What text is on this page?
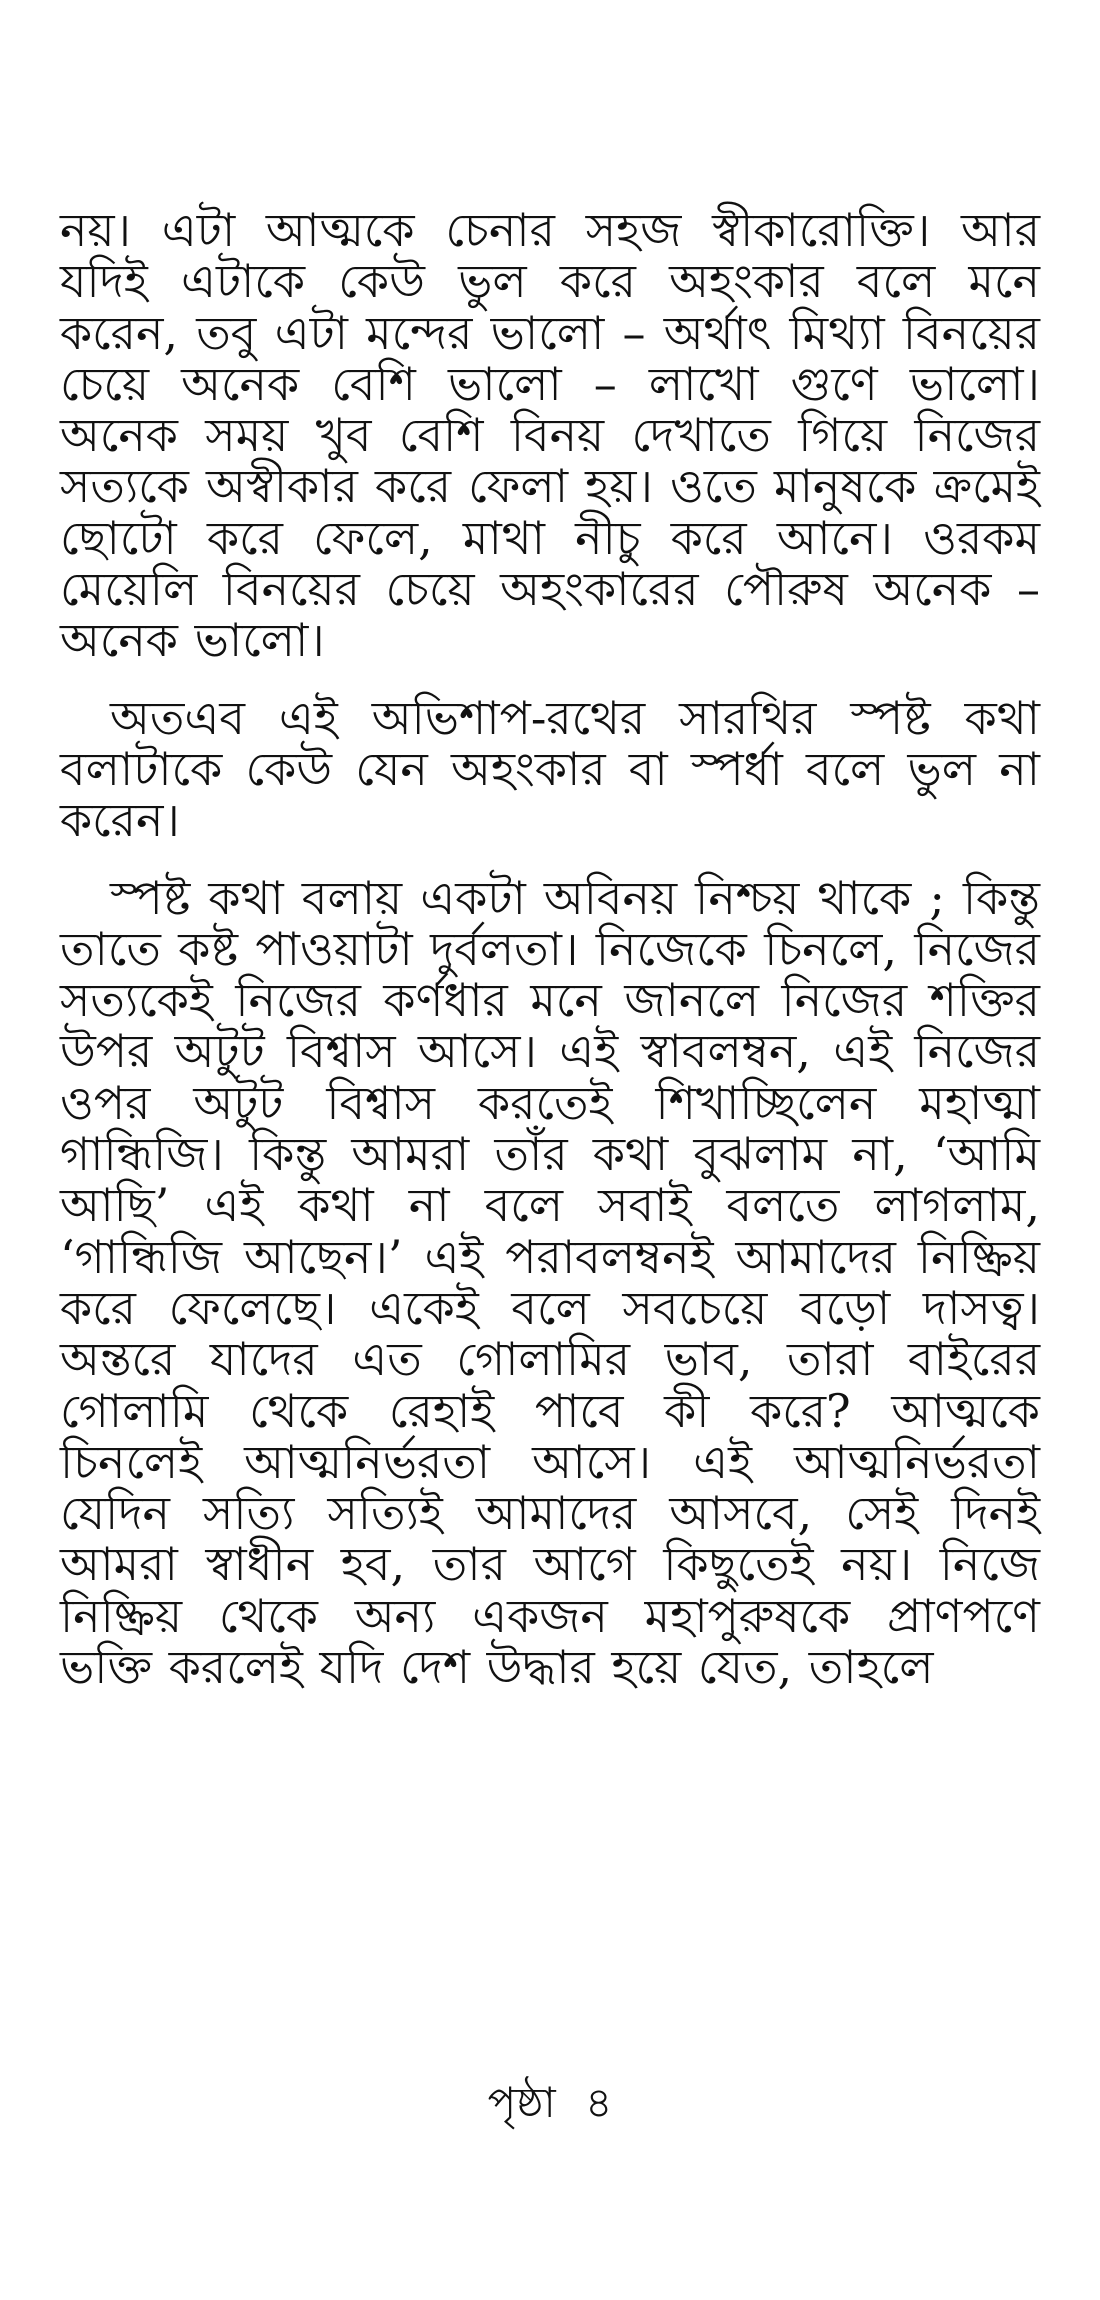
নয়। এটা আত্মকে চেনার সহজ স্বীকারোক্তি। আর যদিই এটাকে কেউ ভুল করে অহংকার বলে মনে করেন, তবু এটা মন্দের ভালো – অর্থাৎ মিথ্যা বিনয়ের চেয়ে অনেক বেশি ভালো – লাখো গুণে ভালো। অনেক সময় খুব বেশি বিনয় দেখাতে গিয়ে নিজের সত্যকে অস্বীকার করে ফেলা হয়। ওতে মানুষকে ক্রমেই ছোটো করে ফেলে, মাথা নীচু করে আনে। ওরকম মেয়েলি বিনয়ের চেয়ে অহংকারের পৌরুষ অনেক – অনেক ভালো।

অতএব এই অভিশাপ-রথের সারথির স্পষ্ট কথা বলাটাকে কেউ যেন অহংকার বা স্পর্ধা বলে ভুল না করেন।

স্পষ্ট কথা বলায় একটা অবিনয় নিশ্চয় থাকে ; কিন্তু তাতে কষ্ট পাওয়াটা দুর্বলতা। নিজেকে চিনলে, নিজের সত্যকেই নিজের কর্ণধার মনে জানলে নিজের শক্তির উপর অটুট বিশ্বাস আসে। এই স্বাবলম্বন, এই নিজের ওপর অটুট বিশ্বাস করতেই শিখাচ্ছিলেন মহাত্মা গান্ধিজি। কিন্তু আমরা তাঁর কথা বুঝলাম না, ‘আমি আছি’ এই কথা না বলে সবাই বলতে লাগলাম, ‘গান্ধিজি আছেন।’ এই পরাবলম্বনই আমাদের নিষ্ক্রিয় করে ফেলেছে। একেই বলে সবচেয়ে বড়ো দাসত্ব। অন্তরে যাদের এত গোলামির ভাব, তারা বাইরের গোলামি থেকে রেহাই পাবে কী করে? আত্মকে চিনলেই আত্মনির্ভরতা আসে। এই আত্মনির্ভরতা যেদিন সত্যি সত্যিই আমাদের আসবে, সেই দিনই আমরা স্বাধীন হব, তার আগে কিছুতেই নয়। নিজে নিষ্ক্রিয় থেকে অন্য একজন মহাপুরুষকে প্রাণপণে ভক্তি করলেই যদি দেশ উদ্ধার হয়ে যেত, তাহলে

পৃষ্ঠা ৪
